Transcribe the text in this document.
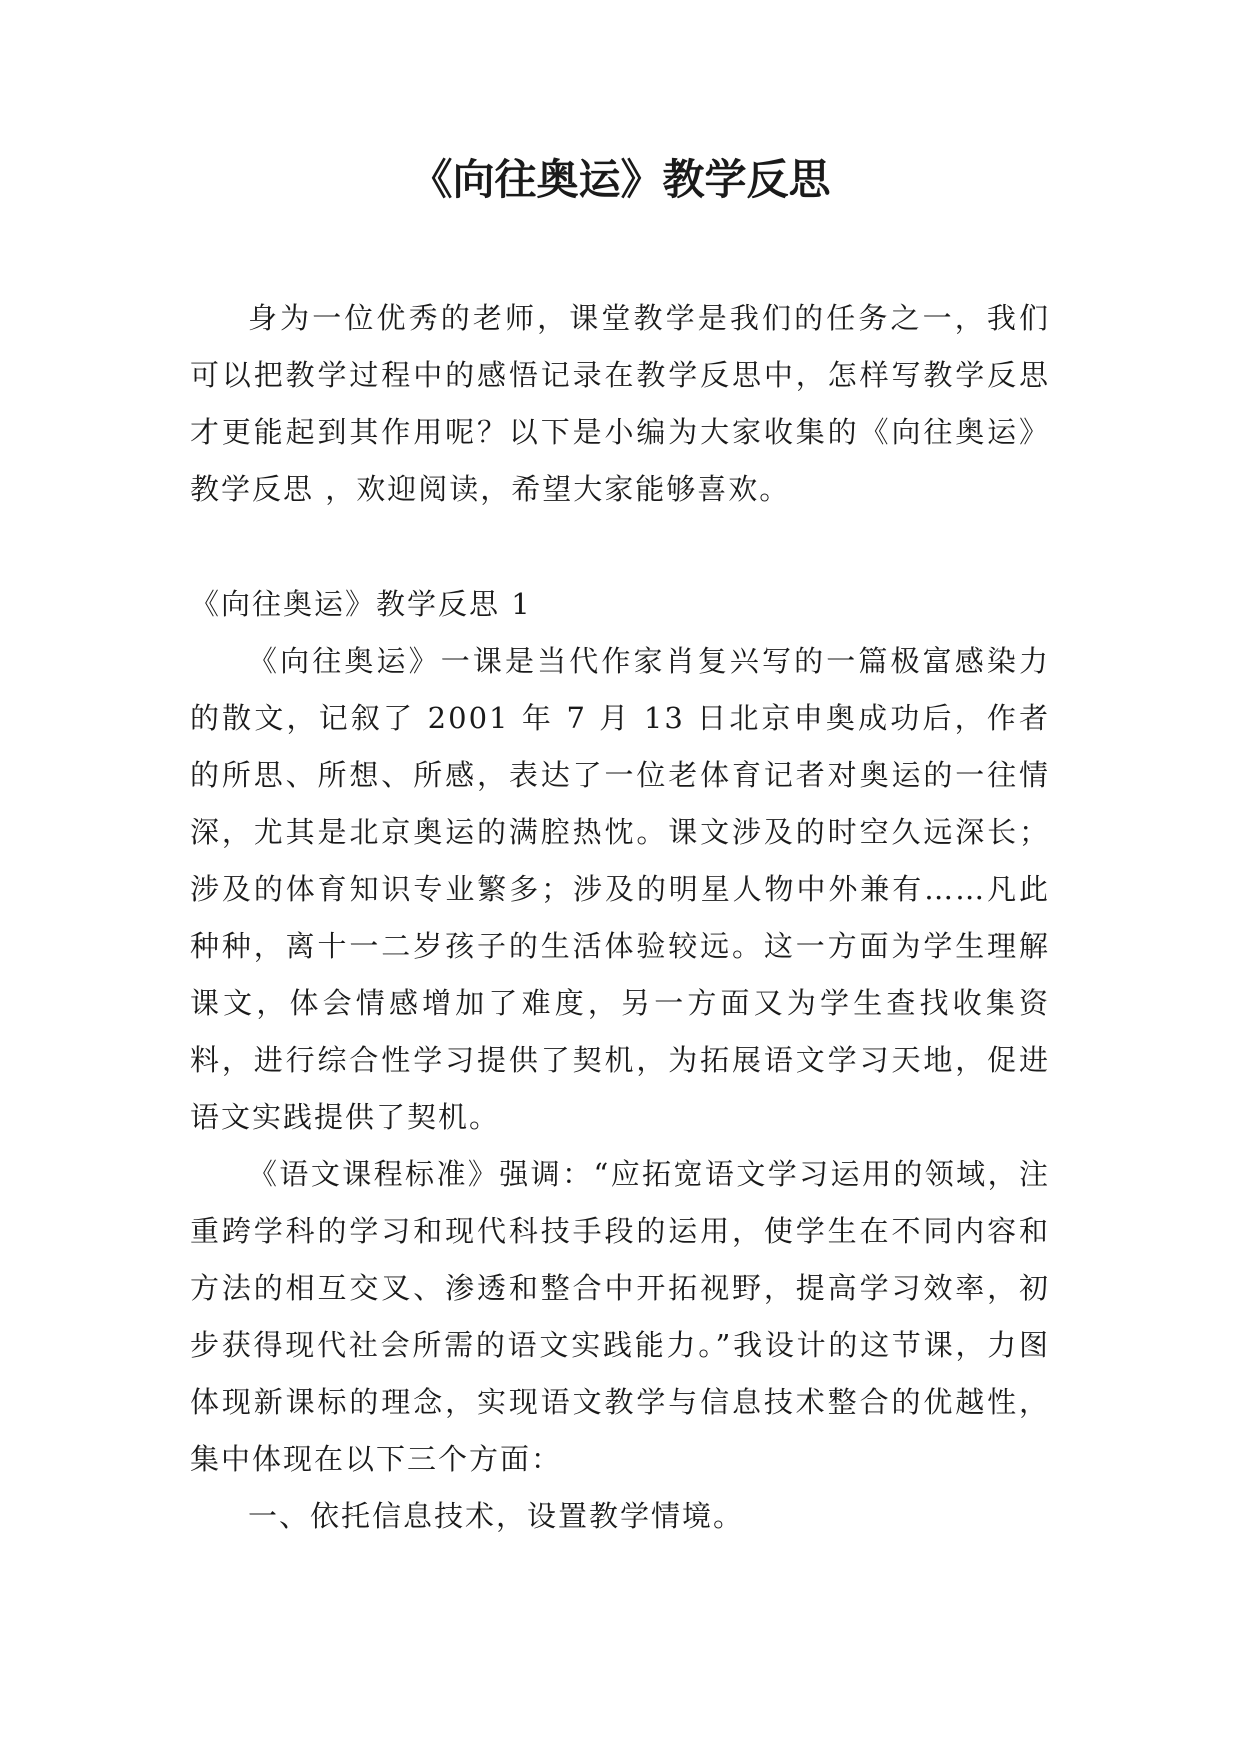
《向往奥运》教学反思

身为一位优秀的老师，课堂教学是我们的任务之一，我们可以把教学过程中的感悟记录在教学反思中，怎样写教学反思才更能起到其作用呢？以下是小编为大家收集的《向往奥运》教学反思 ，欢迎阅读，希望大家能够喜欢。

《向往奥运》教学反思 1

《向往奥运》一课是当代作家肖复兴写的一篇极富感染力的散文，记叙了 2001 年 7 月 13 日北京申奥成功后，作者的所思、所想、所感，表达了一位老体育记者对奥运的一往情深，尤其是北京奥运的满腔热忱。课文涉及的时空久远深长；涉及的体育知识专业繁多；涉及的明星人物中外兼有……凡此种种，离十一二岁孩子的生活体验较远。这一方面为学生理解课文，体会情感增加了难度，另一方面又为学生查找收集资料，进行综合性学习提供了契机，为拓展语文学习天地，促进语文实践提供了契机。

《语文课程标准》强调：“应拓宽语文学习运用的领域，注重跨学科的学习和现代科技手段的运用，使学生在不同内容和方法的相互交叉、渗透和整合中开拓视野，提高学习效率，初步获得现代社会所需的语文实践能力。”我设计的这节课，力图体现新课标的理念，实现语文教学与信息技术整合的优越性，集中体现在以下三个方面：

一、依托信息技术，设置教学情境。
